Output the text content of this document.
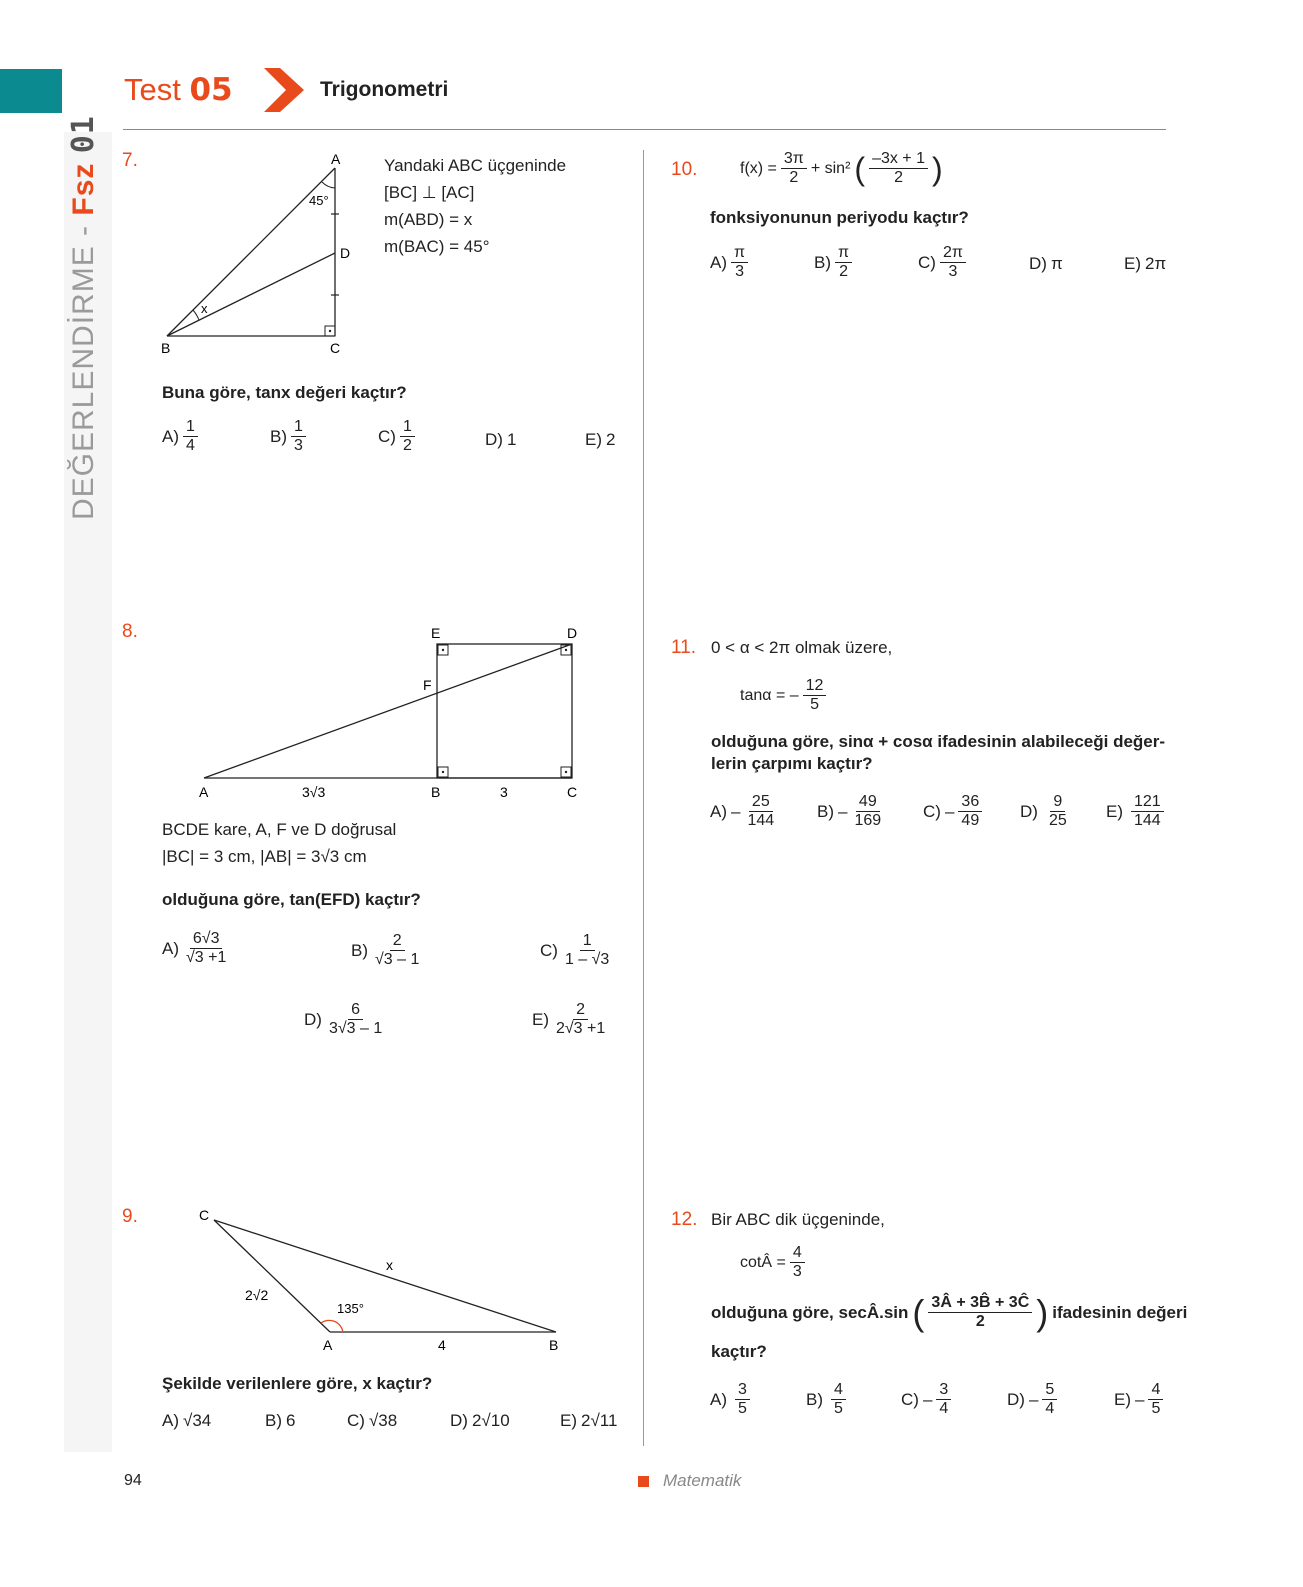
DEĞERLENDİRME - Fsz 01
Test 05	Trigonometri
7.	A
B	C
D
45°
x
Yandaki ABC üçgeninde
[BC] ⊥ [AC]
m(ABD) = x
m(BAC) = 45°
Buna göre, tanx değeri kaçtır?
$A) \frac{1}{4}$	$B) \frac{1}{3}$	$C) \frac{1}{2}$	D) 1	E) 2
8.
A	B	C
D
E
F
3√3	3
BCDE kare, A, F ve D doğrusal
|BC| = 3 cm, |AB| = 3√3 cm
olduğuna göre, tan(EFD) kaçtır?
$A) \frac{6√3}{√3 +1}$	$B) \frac{2}{√3 - 1}$	$C) \frac{1}{1 - √3}$
$D) \frac{6}{3√3 - 1}$	$E) \frac{2}{2√3 +1}$
9.	C
A	B
2√2
4
x
135°
Şekilde verilenlere göre, x kaçtır?
A) √34	B) 6	C) √38	D) 2√10	E) 2√11
10.	$f(x) = \frac{3\pi}{2} + \sin^2$ ( $\frac{-3x + 1}{2}$ )
fonksiyonunun periyodu kaçtır?
$A) \frac{\pi}{3}$	$B) \frac{\pi}{2}$	$C) \frac{2\pi}{3}$	D) π	E) 2π
11. 0 < α < 2π olmak üzere,
tanα = – $\frac{12}{5}$
olduğuna göre, sinα + cosα ifadesinin alabileceği değer-
lerin çarpımı kaçtır?
$A) - \frac{25}{144} B) - \frac{49}{169} C) - \frac{36}{49} D) \frac{9}{25} E) \frac{121}{144}$
12. Bir ABC dik üçgeninde,
cotÂ = $\frac{4}{3}$
olduğuna göre, secÂ.sin ( $\frac{3Â + 3B̂ + 3Ĉ}{2}$ ) ifadesinin değeri
kaçtır?
$A) \frac{3}{5}$	$B) \frac{4}{5}$	$C) - \frac{3}{4}$	$D) - \frac{5}{4}$	$E) - \frac{4}{5}$
94	Matematik
